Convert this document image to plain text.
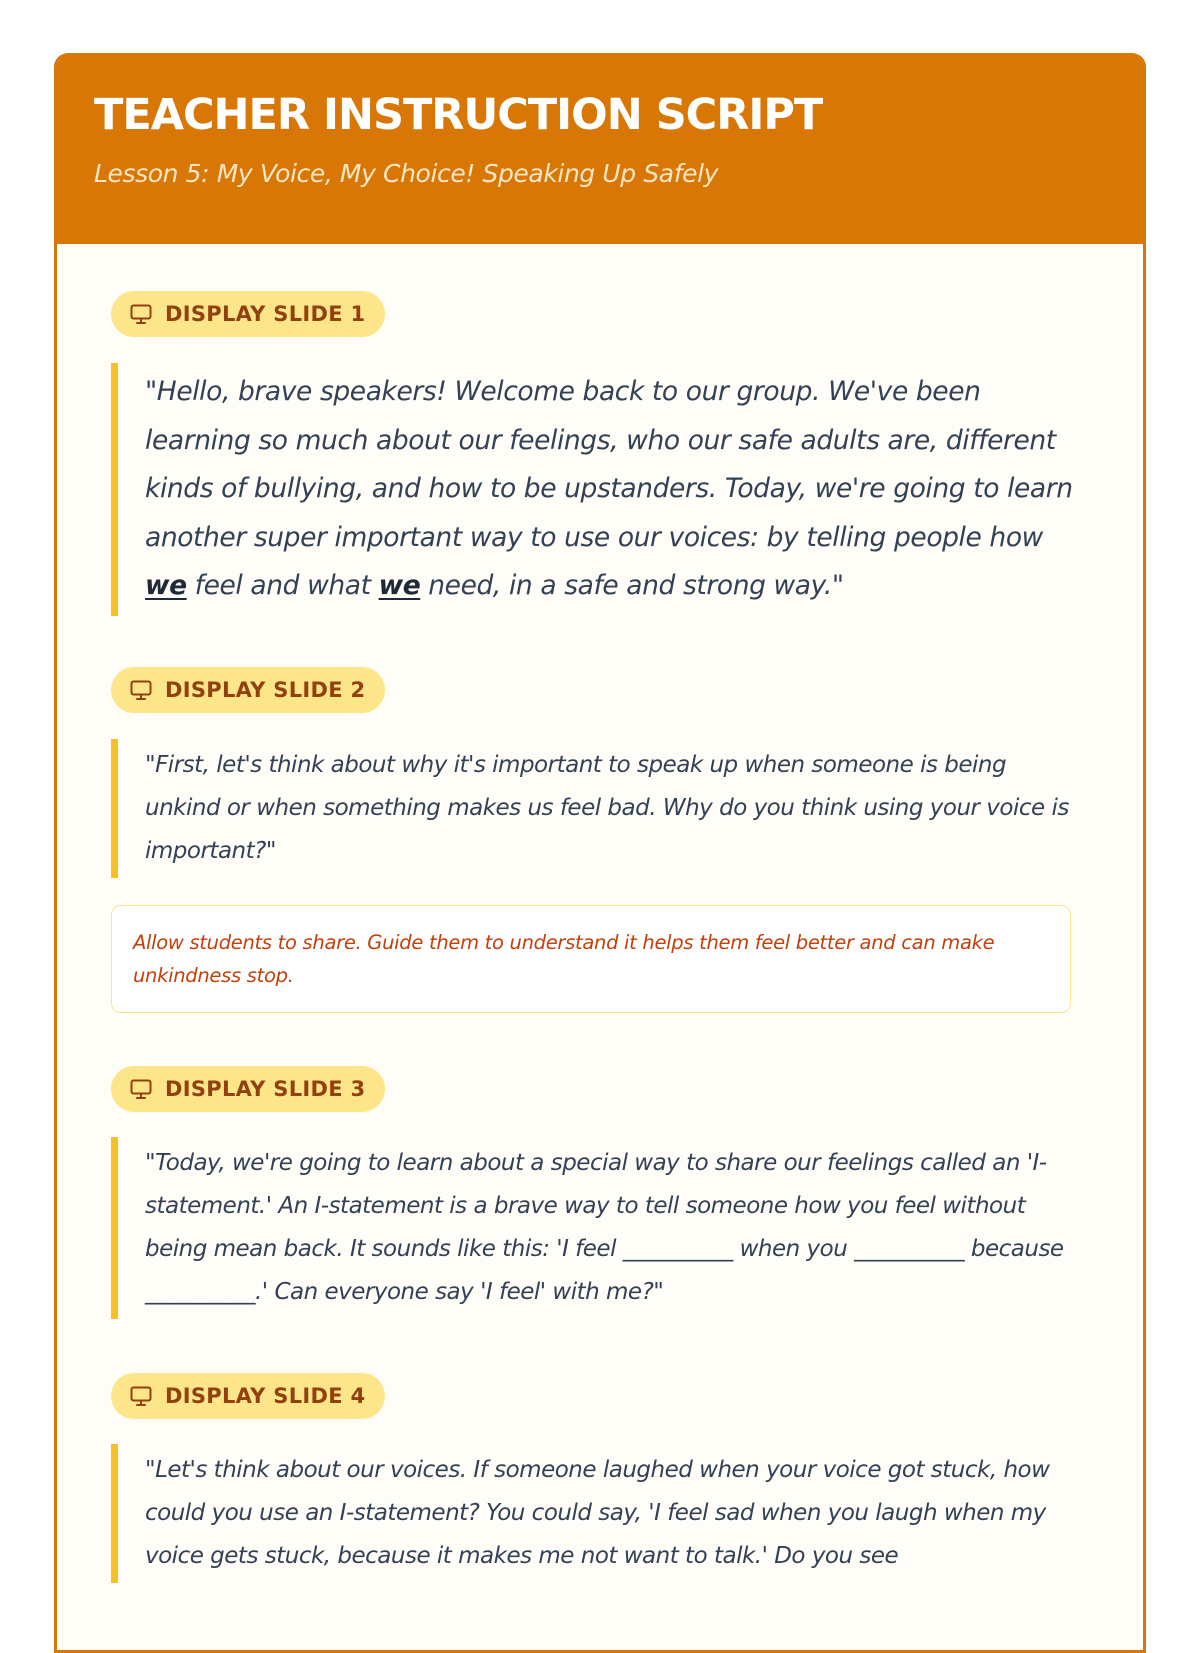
TEACHER INSTRUCTION SCRIPT

Lesson 5: My Voice, My Choice! Speaking Up Safely

DISPLAY SLIDE 1

"Hello, brave speakers! Welcome back to our group. We've been learning so much about our feelings, who our safe adults are, different kinds of bullying, and how to be upstanders. Today, we're going to learn another super important way to use our voices: by telling people how we feel and what we need, in a safe and strong way."

DISPLAY SLIDE 2

"First, let's think about why it's important to speak up when someone is being unkind or when something makes us feel bad. Why do you think using your voice is important?"

Allow students to share. Guide them to understand it helps them feel better and can make unkindness stop.

DISPLAY SLIDE 3

"Today, we're going to learn about a special way to share our feelings called an 'I-statement.' An I-statement is a brave way to tell someone how you feel without being mean back. It sounds like this: 'I feel __________ when you __________ because __________.' Can everyone say 'I feel' with me?"

DISPLAY SLIDE 4

"Let's think about our voices. If someone laughed when your voice got stuck, how could you use an I-statement? You could say, 'I feel sad when you laugh when my voice gets stuck, because it makes me not want to talk.' Do you see
